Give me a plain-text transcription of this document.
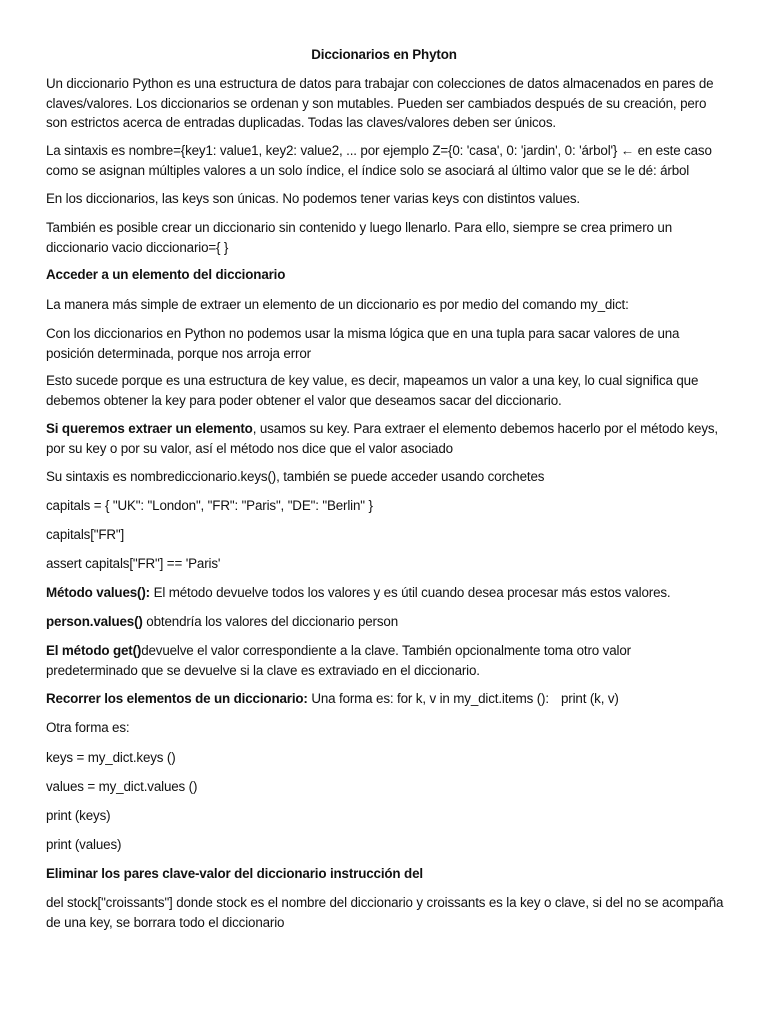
Diccionarios en Phyton

Un diccionario Python es una estructura de datos para trabajar con colecciones de datos almacenados en pares de claves/valores. Los diccionarios se ordenan y son mutables. Pueden ser cambiados después de su creación, pero son estrictos acerca de entradas duplicadas. Todas las claves/valores deben ser únicos.

La sintaxis es nombre={key1: value1, key2: value2, ... por ejemplo Z={0: 'casa', 0: 'jardin', 0: 'árbol'} ← en este caso como se asignan múltiples valores a un solo índice, el índice solo se asociará al último valor que se le dé: árbol

En los diccionarios, las keys son únicas. No podemos tener varias keys con distintos values.

También es posible crear un diccionario sin contenido y luego llenarlo. Para ello, siempre se crea primero un diccionario vacio diccionario={ }

Acceder a un elemento del diccionario

La manera más simple de extraer un elemento de un diccionario es por medio del comando my_dict:

Con los diccionarios en Python no podemos usar la misma lógica que en una tupla para sacar valores de una posición determinada, porque nos arroja error

Esto sucede porque es una estructura de key value, es decir, mapeamos un valor a una key, lo cual significa que debemos obtener la key para poder obtener el valor que deseamos sacar del diccionario.

Si queremos extraer un elemento, usamos su key. Para extraer el elemento debemos hacerlo por el método keys, por su key o por su valor, así el método nos dice que el valor asociado

Su sintaxis es nombrediccionario.keys(), también se puede acceder usando corchetes

capitals = { "UK": "London", "FR": "Paris", "DE": "Berlin" }

capitals["FR"]

assert capitals["FR"] == 'Paris'

Método values(): El método devuelve todos los valores y es útil cuando desea procesar más estos valores.

person.values() obtendría los valores del diccionario person

El método get()devuelve el valor correspondiente a la clave. También opcionalmente toma otro valor predeterminado que se devuelve si la clave es extraviado en el diccionario.

Recorrer los elementos de un diccionario: Una forma es: for k, v in my_dict.items (): print (k, v)

Otra forma es:

keys = my_dict.keys ()

values = my_dict.values ()

print (keys)

print (values)

Eliminar los pares clave-valor del diccionario instrucción del

del stock["croissants"] donde stock es el nombre del diccionario y croissants es la key o clave, si del no se acompaña de una key, se borrara todo el diccionario
